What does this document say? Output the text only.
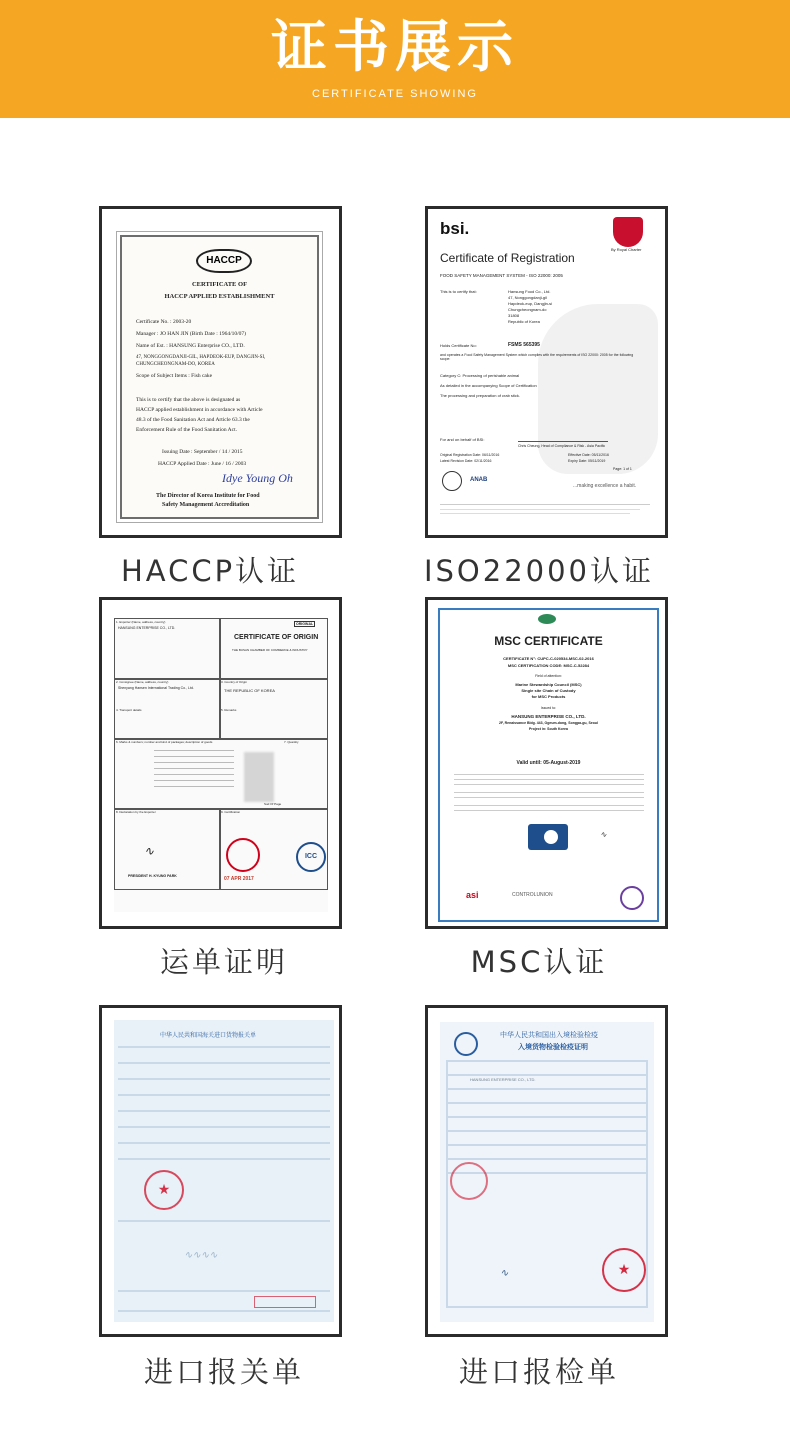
证书展示
CERTIFICATE SHOWING
HACCP
CERTIFICATE OF
HACCP APPLIED ESTABLISHMENT
Certificate No. : 2003-20
Manager : JO HAN JIN (Birth Date : 1964/10/07)
Name of Est. : HANSUNG Enterprise CO., LTD.
47, NONGGONGDANJI-GIL, HAPDEOK-EUP, DANGJIN-SI,
CHUNGCHEONGNAM-DO, KOREA
Scope of Subject Items : Fish cake
This is to certify that the above is designated as
HACCP applied establishment in accordance with Article
48.3 of the Food Sanitation Act and Article 63.3 the
Enforcement Rule of the Food Sanitation Act.
Issuing Date : September / 14 / 2015
HACCP Applied Date : June / 16 / 2003
Idye Young Oh
The Director of Korea Institute for Food
Safety Management Accreditation
HACCP认证
bsi.
By Royal Charter
Certificate of Registration
FOOD SAFETY MANAGEMENT SYSTEM - ISO 22000: 2005
This is to certify that:	Hansung Food Co., Ltd.
47, Nonggongdanji-gil
Hapdeok-eup, Dangjin-si
Chungcheongnam-do
31808
Republic of Korea
Holds Certificate No:	FSMS 565395
and operates a Food Safety Management System which complies with the requirements of ISO 22000: 2005 for the following scope:
Category C: Processing of perishable animal
As detailed in the accompanying Scope of Certification
The processing and preparation of crab stick.
For and on behalf of BSI:
Chris Cheung, Head of Compliance & Risk - Asia Pacific
Original Registration Date: 06/11/2016	Effective Date: 05/11/2016
Latest Revision Date: 02/11/2016	Expiry Date: 05/11/2019
Page: 1 of 1
ANAB
...making excellence a habit.
ISO22000认证
1. Exporter (Name, address, country)
HANSUNG ENTERPRISE CO., LTD.
ORIGINAL
CERTIFICATE OF ORIGIN
THE BUSAN CHAMBER OF COMMERCE & INDUSTRY
2. Consignee (Name, address, country)
Shenyang Hansen International Trading Co., Ltd.
3. Country of Origin
THE REPUBLIC OF KOREA
4. Transport details	5. Remarks
6. Marks & numbers; number and kind of packages; description of goods	7. Quantity
Sud Of Page
8. Declaration by the Exporter	9. Certification
∿
PRESIDENT H. KYUNG PARK
ICC
07 APR 2017
运单证明
MSC CERTIFICATE
CERTIFICATE N°: CUPC-C-020534-MSC-02-2016
MSC CERTIFICATION CODE: MSC-C-52284
Field of attention:
Marine Stewardship Council (MSC)
Single site Chain of Custody
for MSC Products
Issued to:
HANSUNG ENTERPRISE CO., LTD.
2F, Renaissance Bldg. 443, Ogeum-dong, Songpa-gu, Seoul
Project in: South Korea
Valid until: 05-August-2019
∿
asi	CONTROLUNION
MSC认证
中华人民共和国海关进口货物报关单
★
∿∿∿∿
进口报关单
中华人民共和国出入境检验检疫
入境货物检验检疫证明
HANSUNG ENTERPRISE CO., LTD.
∿	★
进口报检单
